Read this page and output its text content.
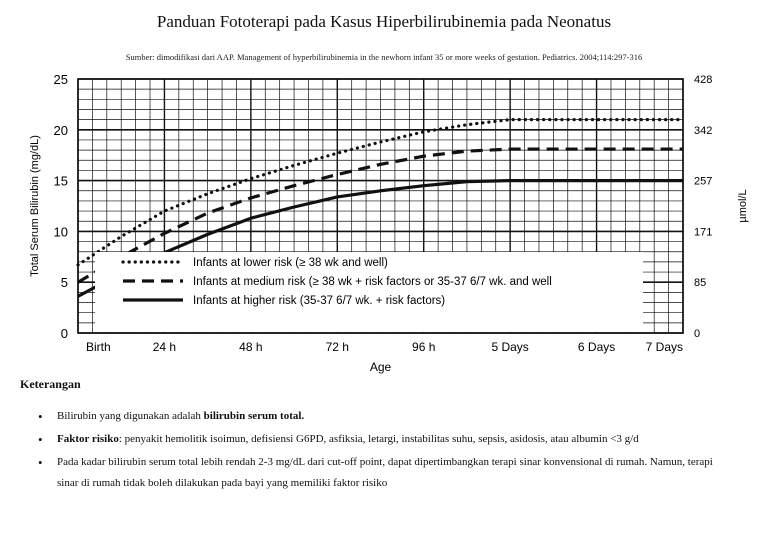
Panduan Fototerapi pada Kasus Hiperbilirubinemia pada Neonatus
Sumber: dimodifikasi dari AAP. Management of hyperbilirubinemia in the newborn infant 35 or more weeks of gestation. Pediatrics. 2004;114:297-316
0
5
10
15
20
25
0
85
171
257
342
428
Birth	24 h	48 h	72 h	96 h	5 Days	6 Days	7 Days
Age
Total Serum Bilirubin (mg/dL)	µmol/L
Infants at lower risk (≥ 38 wk and well)
Infants at medium risk (≥ 38 wk + risk factors or 35-37 6/7 wk. and well
Infants at higher risk (35-37 6/7 wk. + risk factors)
Keterangan
• Bilirubin yang digunakan adalah bilirubin serum total.
• Faktor risiko: penyakit hemolitik isoimun, defisiensi G6PD, asfiksia, letargi, instabilitas suhu, sepsis, asidosis, atau albumin <3 g/d
• Pada kadar bilirubin serum total lebih rendah 2-3 mg/dL dari cut-off point, dapat dipertimbangkan terapi sinar konvensional di rumah. Namun, terapi sinar di rumah tidak boleh dilakukan pada bayi yang memiliki faktor risiko
